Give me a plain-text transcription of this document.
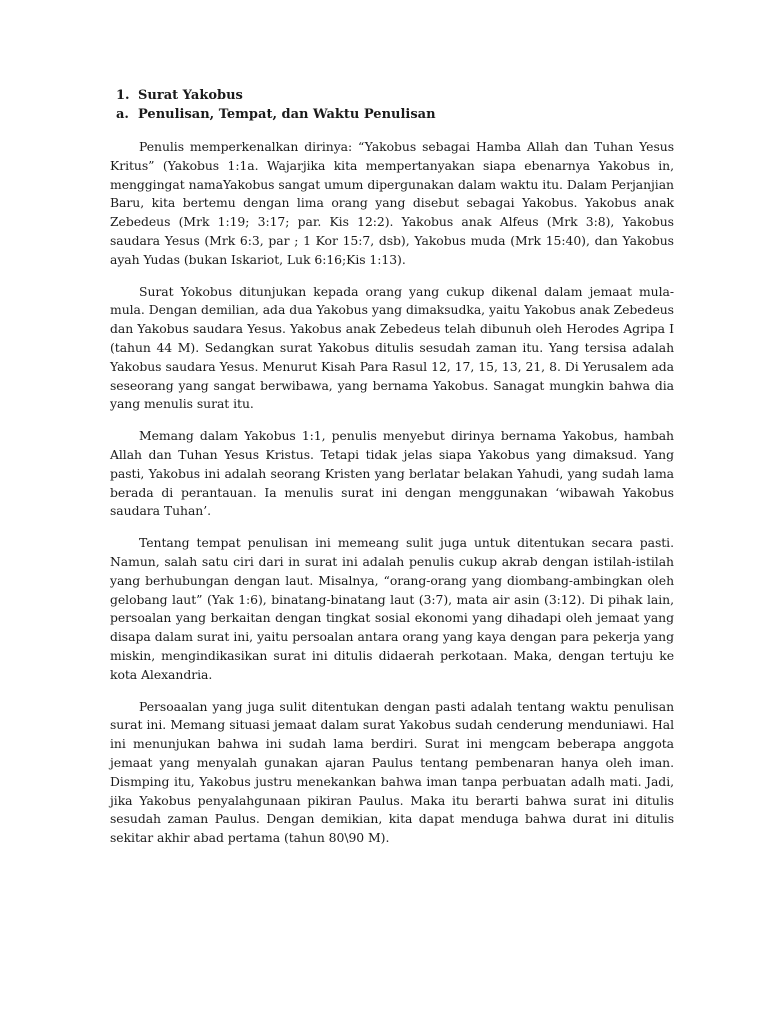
1. Surat Yakobus
a. Penulisan, Tempat, dan Waktu Penulisan

Penulis memperkenalkan dirinya: “Yakobus sebagai Hamba Allah dan Tuhan Yesus Kritus” (Yakobus 1:1a. Wajarjika kita mempertanyakan siapa ebenarnya Yakobus in, menggingat namaYakobus sangat umum dipergunakan dalam waktu itu. Dalam Perjanjian Baru, kita bertemu dengan lima orang yang disebut sebagai Yakobus. Yakobus anak Zebedeus (Mrk 1:19; 3:17; par. Kis 12:2). Yakobus anak Alfeus (Mrk 3:8), Yakobus saudara Yesus (Mrk 6:3, par ; 1 Kor 15:7, dsb), Yakobus muda (Mrk 15:40), dan Yakobus ayah Yudas (bukan Iskariot, Luk 6:16;Kis 1:13).

Surat Yokobus ditunjukan kepada orang yang cukup dikenal dalam jemaat mula-mula. Dengan demilian, ada dua Yakobus yang dimaksudka, yaitu Yakobus anak Zebedeus dan Yakobus saudara Yesus. Yakobus anak Zebedeus telah dibunuh oleh Herodes Agripa I (tahun 44 M). Sedangkan surat Yakobus ditulis sesudah zaman itu. Yang tersisa adalah Yakobus saudara Yesus. Menurut Kisah Para Rasul 12, 17, 15, 13, 21, 8. Di Yerusalem ada seseorang yang sangat berwibawa, yang bernama Yakobus. Sanagat mungkin bahwa dia yang menulis surat itu.

Memang dalam Yakobus 1:1, penulis menyebut dirinya bernama Yakobus, hambah Allah dan Tuhan Yesus Kristus. Tetapi tidak jelas siapa Yakobus yang dimaksud. Yang pasti, Yakobus ini adalah seorang Kristen yang berlatar belakan Yahudi, yang sudah lama berada di perantauan. Ia menulis surat ini dengan menggunakan ‘wibawah Yakobus saudara Tuhan’.

Tentang tempat penulisan ini memeang sulit juga untuk ditentukan secara pasti. Namun, salah satu ciri dari in surat ini adalah penulis cukup akrab dengan istilah-istilah yang berhubungan dengan laut. Misalnya, “orang-orang yang diombang-ambingkan oleh gelobang laut” (Yak 1:6), binatang-binatang laut (3:7), mata air asin (3:12). Di pihak lain, persoalan yang berkaitan dengan tingkat sosial ekonomi yang dihadapi oleh jemaat yang disapa dalam surat ini, yaitu persoalan antara orang yang kaya dengan para pekerja yang miskin, mengindikasikan surat ini ditulis didaerah perkotaan. Maka, dengan tertuju ke kota Alexandria.

Persoaalan yang juga sulit ditentukan dengan pasti adalah tentang waktu penulisan surat ini. Memang situasi jemaat dalam surat Yakobus sudah cenderung menduniawi. Hal ini menunjukan bahwa ini sudah lama berdiri. Surat ini mengcam beberapa anggota jemaat yang menyalah gunakan ajaran Paulus tentang pembenaran hanya oleh iman. Dismping itu, Yakobus justru menekankan bahwa iman tanpa perbuatan adalh mati. Jadi, jika Yakobus penyalahgunaan pikiran Paulus. Maka itu berarti bahwa surat ini ditulis sesudah zaman Paulus. Dengan demikian, kita dapat menduga bahwa durat ini ditulis sekitar akhir abad pertama (tahun 80\90 M).
